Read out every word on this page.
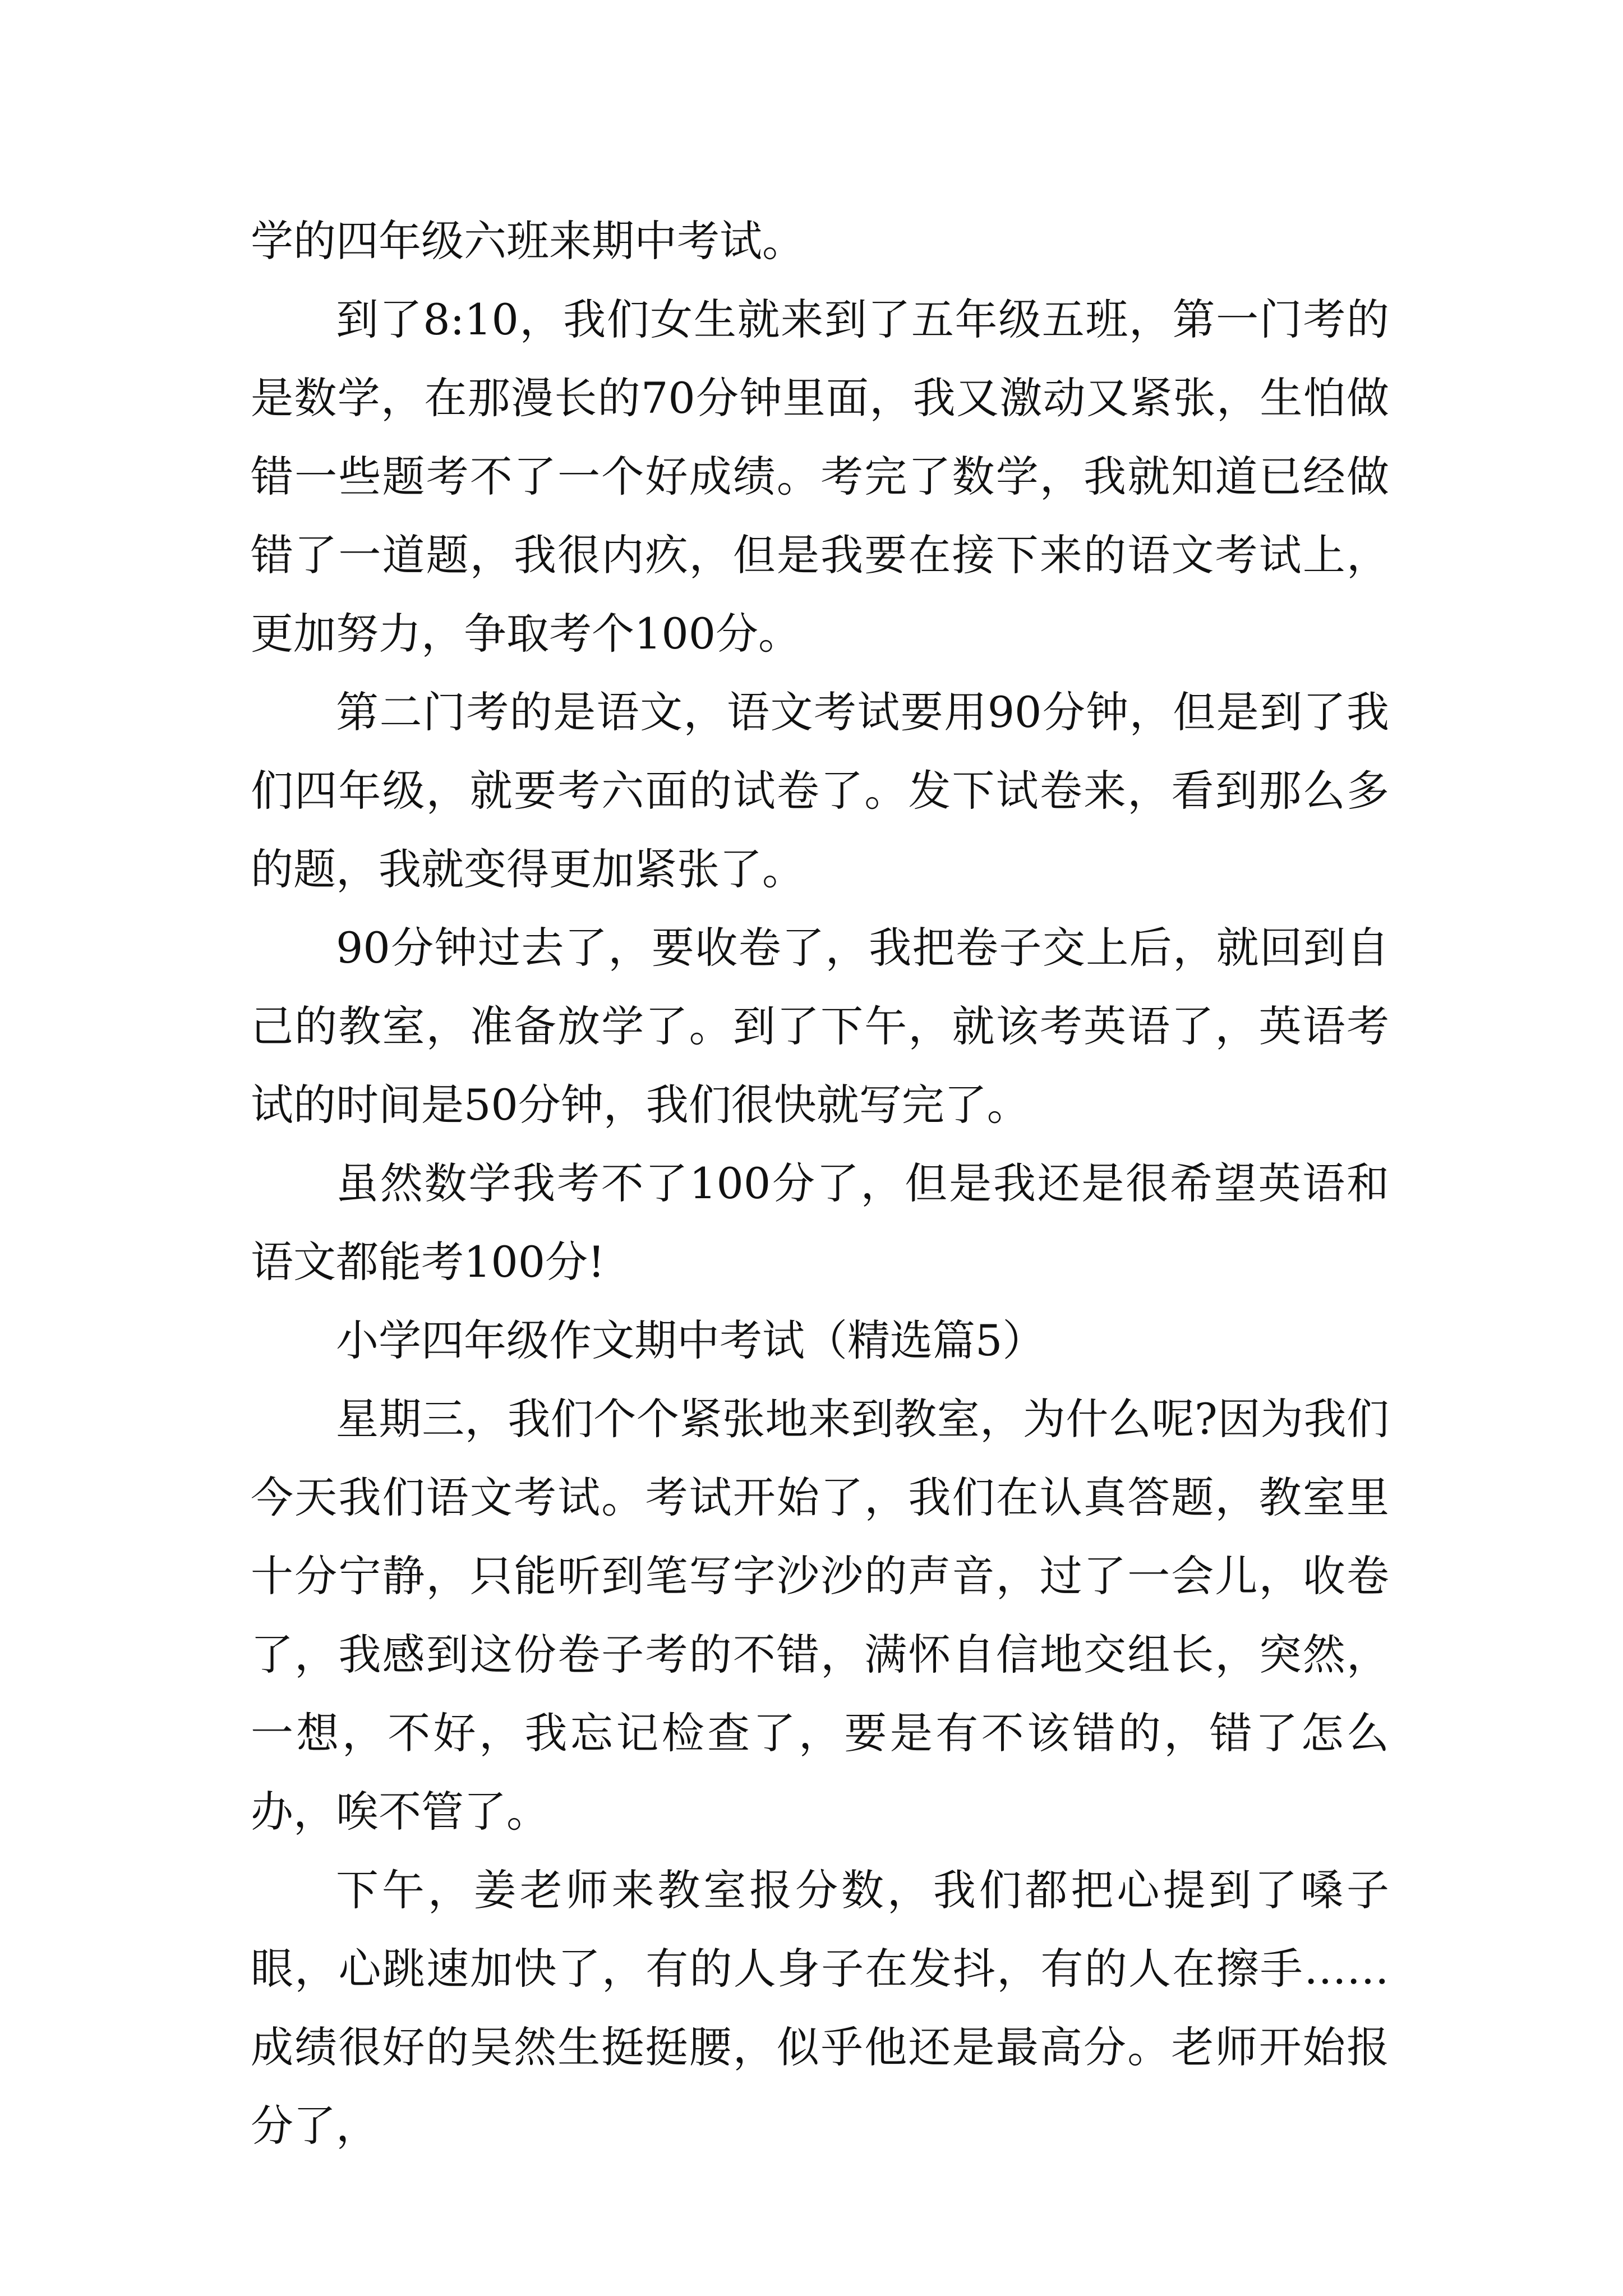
学的四年级六班来期中考试。

到了8:10，我们女生就来到了五年级五班，第一门考的是数学，在那漫长的70分钟里面，我又激动又紧张，生怕做错一些题考不了一个好成绩。考完了数学，我就知道已经做错了一道题，我很内疚，但是我要在接下来的语文考试上，更加努力，争取考个100分。

第二门考的是语文，语文考试要用90分钟，但是到了我们四年级，就要考六面的试卷了。发下试卷来，看到那么多的题，我就变得更加紧张了。

90分钟过去了，要收卷了，我把卷子交上后，就回到自己的教室，准备放学了。到了下午，就该考英语了，英语考试的时间是50分钟，我们很快就写完了。

虽然数学我考不了100分了，但是我还是很希望英语和语文都能考100分!

小学四年级作文期中考试（精选篇5）

星期三，我们个个紧张地来到教室，为什么呢?因为我们今天我们语文考试。考试开始了，我们在认真答题，教室里十分宁静，只能听到笔写字沙沙的声音，过了一会儿，收卷了，我感到这份卷子考的不错，满怀自信地交组长，突然，一想，不好，我忘记检查了，要是有不该错的，错了怎么办，唉不管了。

下午，姜老师来教室报分数，我们都把心提到了嗓子眼，心跳速加快了，有的人身子在发抖，有的人在擦手……成绩很好的吴然生挺挺腰，似乎他还是最高分。老师开始报分了，
